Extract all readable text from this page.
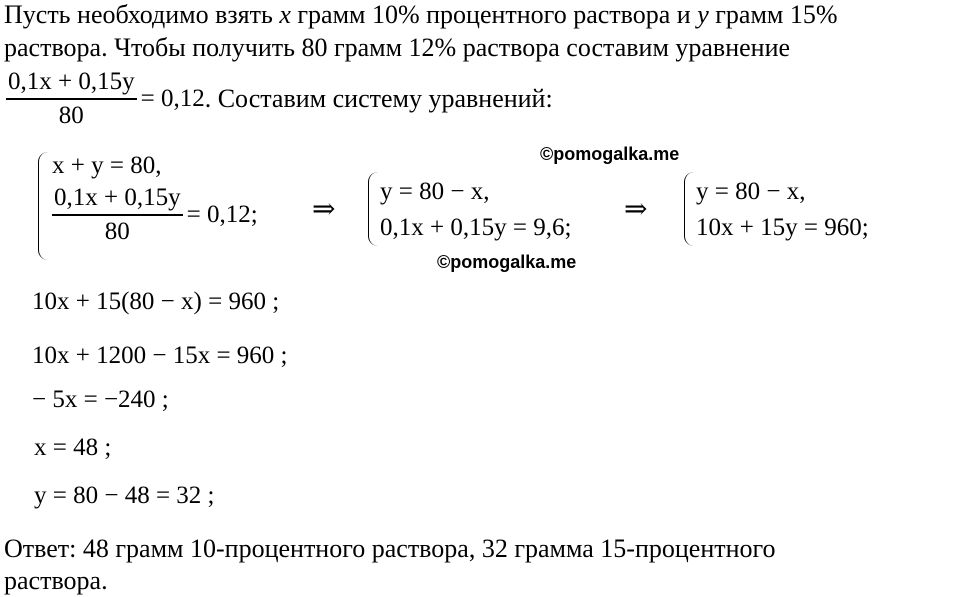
Пусть необходимо взять x грамм 10% процентного раствора и y грамм 15%
раствора. Чтобы получить 80 грамм 12% раствора составим уравнение
$\frac{0,1x + 0,15y}{80} = 0,12$ . Составим систему уравнений:
©pomogalka.me
x + y = 80,
$\frac{0,1x + 0,15y}{80} = 0,12$; ⇒
y = 80 − x,
0,1x + 0,15y = 9,6;
©pomogalka.me
⇒
y = 80 − x,
10x + 15y = 960;
10x + 15(80 − x) = 960 ;
10x + 1200 − 15x = 960 ;
− 5x = −240 ;
x = 48 ;
y = 80 − 48 = 32 ;
Ответ: 48 грамм 10-процентного раствора, 32 грамма 15-процентного
раствора.
